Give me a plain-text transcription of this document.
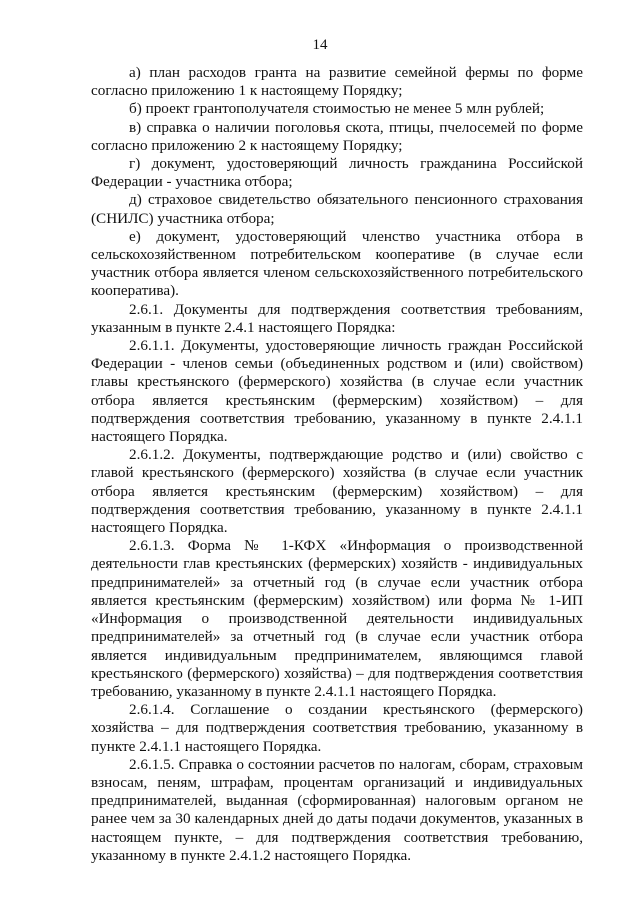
14

а) план расходов гранта на развитие семейной фермы по форме согласно приложению 1 к настоящему Порядку;

б) проект грантополучателя стоимостью не менее 5 млн рублей;

в) справка о наличии поголовья скота, птицы, пчелосемей по форме согласно приложению 2 к настоящему Порядку;

г) документ, удостоверяющий личность гражданина Российской Федерации - участника отбора;

д) страховое свидетельство обязательного пенсионного страхования (СНИЛС) участника отбора;

е) документ, удостоверяющий членство участника отбора в сельскохозяйственном потребительском кооперативе (в случае если участник отбора является членом сельскохозяйственного потребительского кооператива).

2.6.1. Документы для подтверждения соответствия требованиям, указанным в пункте 2.4.1 настоящего Порядка:

2.6.1.1. Документы, удостоверяющие личность граждан Российской Федерации - членов семьи (объединенных родством и (или) свойством) главы крестьянского (фермерского) хозяйства (в случае если участник отбора является крестьянским (фермерским) хозяйством) – для подтверждения соответствия требованию, указанному в пункте 2.4.1.1 настоящего Порядка.

2.6.1.2. Документы, подтверждающие родство и (или) свойство с главой крестьянского (фермерского) хозяйства (в случае если участник отбора является крестьянским (фермерским) хозяйством) – для подтверждения соответствия требованию, указанному в пункте 2.4.1.1 настоящего Порядка.

2.6.1.3. Форма № 1-КФХ «Информация о производственной деятельности глав крестьянских (фермерских) хозяйств - индивидуальных предпринимателей» за отчетный год (в случае если участник отбора является крестьянским (фермерским) хозяйством) или форма № 1-ИП «Информация о производственной деятельности индивидуальных предпринимателей» за отчетный год (в случае если участник отбора является индивидуальным предпринимателем, являющимся главой крестьянского (фермерского) хозяйства) – для подтверждения соответствия требованию, указанному в пункте 2.4.1.1 настоящего Порядка.

2.6.1.4. Соглашение о создании крестьянского (фермерского) хозяйства – для подтверждения соответствия требованию, указанному в пункте 2.4.1.1 настоящего Порядка.

2.6.1.5. Справка о состоянии расчетов по налогам, сборам, страховым взносам, пеням, штрафам, процентам организаций и индивидуальных предпринимателей, выданная (сформированная) налоговым органом не ранее чем за 30 календарных дней до даты подачи документов, указанных в настоящем пункте, – для подтверждения соответствия требованию, указанному в пункте 2.4.1.2 настоящего Порядка.
